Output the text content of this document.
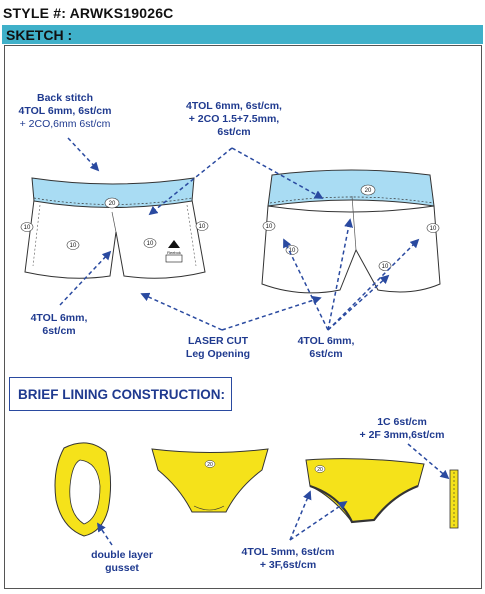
STYLE #: ARWKS19026C
SKETCH :
Reebok
20
20
10
10	10
10	10
10
10
10
20
20
Back stitch
4TOL 6mm, 6st/cm
+ 2CO,6mm 6st/cm
4TOL 6mm, 6st/cm,
+ 2CO 1.5+7.5mm,
6st/cm
4TOL 6mm,
6st/cm
LASER CUT
Leg Opening
4TOL 6mm,
6st/cm
BRIEF LINING CONSTRUCTION:
1C 6st/cm
+ 2F 3mm,6st/cm
double layer
gusset
4TOL 5mm, 6st/cm
+ 3F,6st/cm
